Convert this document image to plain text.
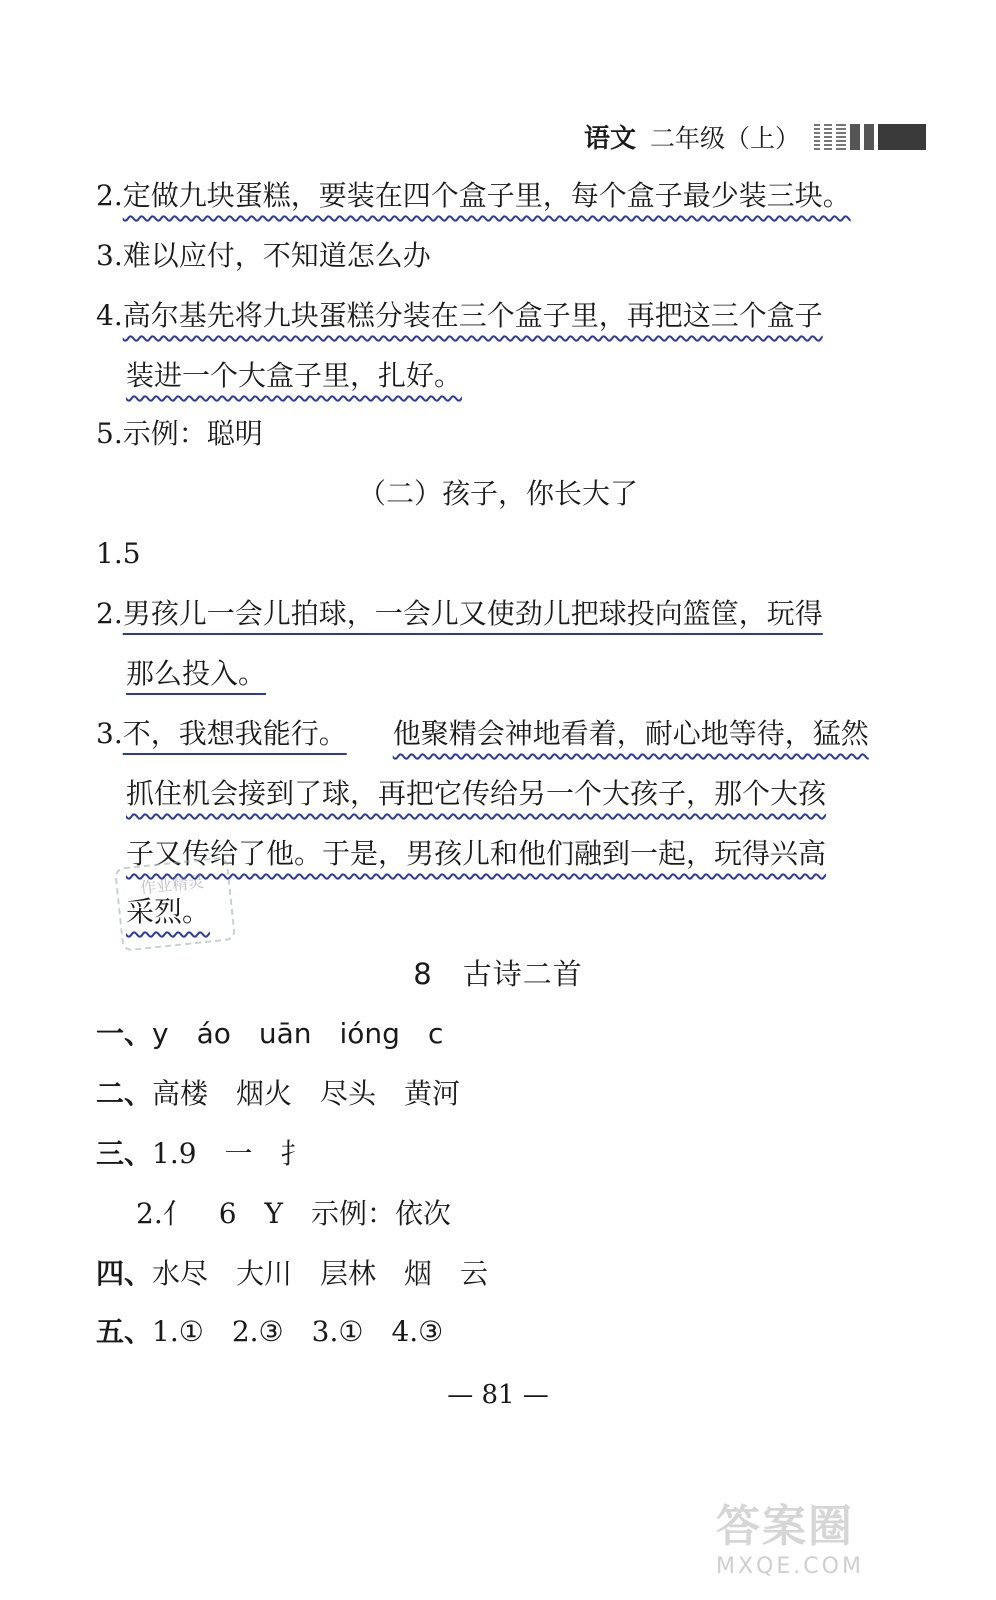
语文 二年级（上）
2.定做九块蛋糕，要装在四个盒子里，每个盒子最少装三块。
3.难以应付，不知道怎么办
4.高尔基先将九块蛋糕分装在三个盒子里，再把这三个盒子
装进一个大盒子里，扎好。
5.示例：聪明
（二）孩子，你长大了
1.5
2.男孩儿一会儿拍球，一会儿又使劲儿把球投向篮筐，玩得
那么投入。
3.不，我想我能行。 他聚精会神地看着，耐心地等待，猛然
抓住机会接到了球，再把它传给另一个大孩子，那个大孩
子又传给了他。于是，男孩儿和他们融到一起，玩得兴高
采烈。
作业精灵
8　古诗二首
一、y　áo　uān　ióng　c
二、高楼　烟火　尽头　黄河
三、1.9　一　扌
2.亻　6　Y　示例：依次
四、水尽　大川　层林　烟　云
五、1.①　2.③　3.①　4.③
— 81 —
答案圈
MXQE.COM
